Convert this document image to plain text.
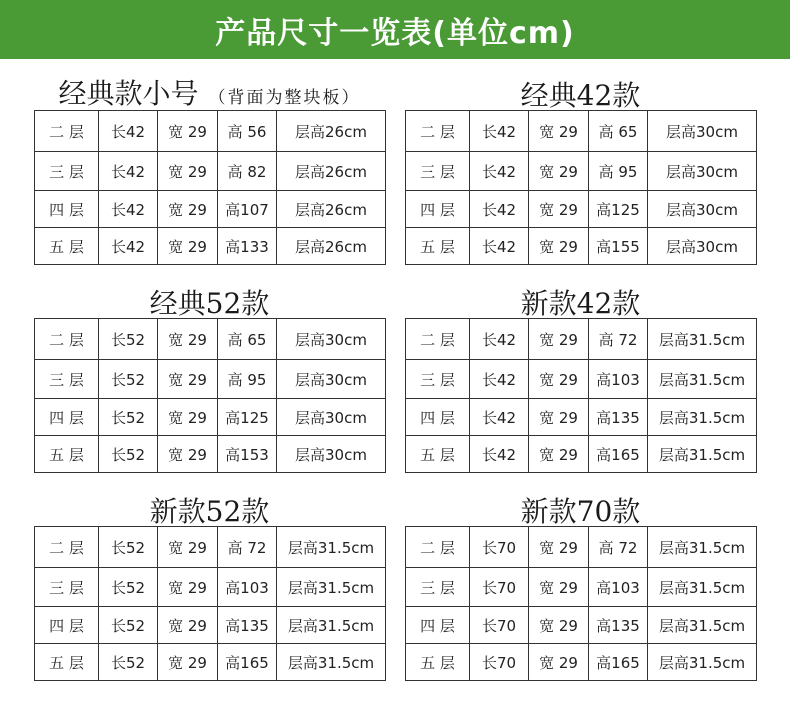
产品尺寸一览表(单位cm)
经典款小号 （背面为整块板）
二 层	长42	宽 29	高 56	层高26cm
三 层	长42	宽 29	高 82	层高26cm
四 层	长42	宽 29	高107	层高26cm
五 层	长42	宽 29	高133	层高26cm
经典42款
二 层	长42	宽 29	高 65	层高30cm
三 层	长42	宽 29	高 95	层高30cm
四 层	长42	宽 29	高125	层高30cm
五 层	长42	宽 29	高155	层高30cm
经典52款
二 层	长52	宽 29	高 65	层高30cm
三 层	长52	宽 29	高 95	层高30cm
四 层	长52	宽 29	高125	层高30cm
五 层	长52	宽 29	高153	层高30cm
新款42款
二 层	长42	宽 29	高 72	层高31.5cm
三 层	长42	宽 29	高103	层高31.5cm
四 层	长42	宽 29	高135	层高31.5cm
五 层	长42	宽 29	高165	层高31.5cm
新款52款
二 层	长52	宽 29	高 72	层高31.5cm
三 层	长52	宽 29	高103	层高31.5cm
四 层	长52	宽 29	高135	层高31.5cm
五 层	长52	宽 29	高165	层高31.5cm
新款70款
二 层	长70	宽 29	高 72	层高31.5cm
三 层	长70	宽 29	高103	层高31.5cm
四 层	长70	宽 29	高135	层高31.5cm
五 层	长70	宽 29	高165	层高31.5cm
